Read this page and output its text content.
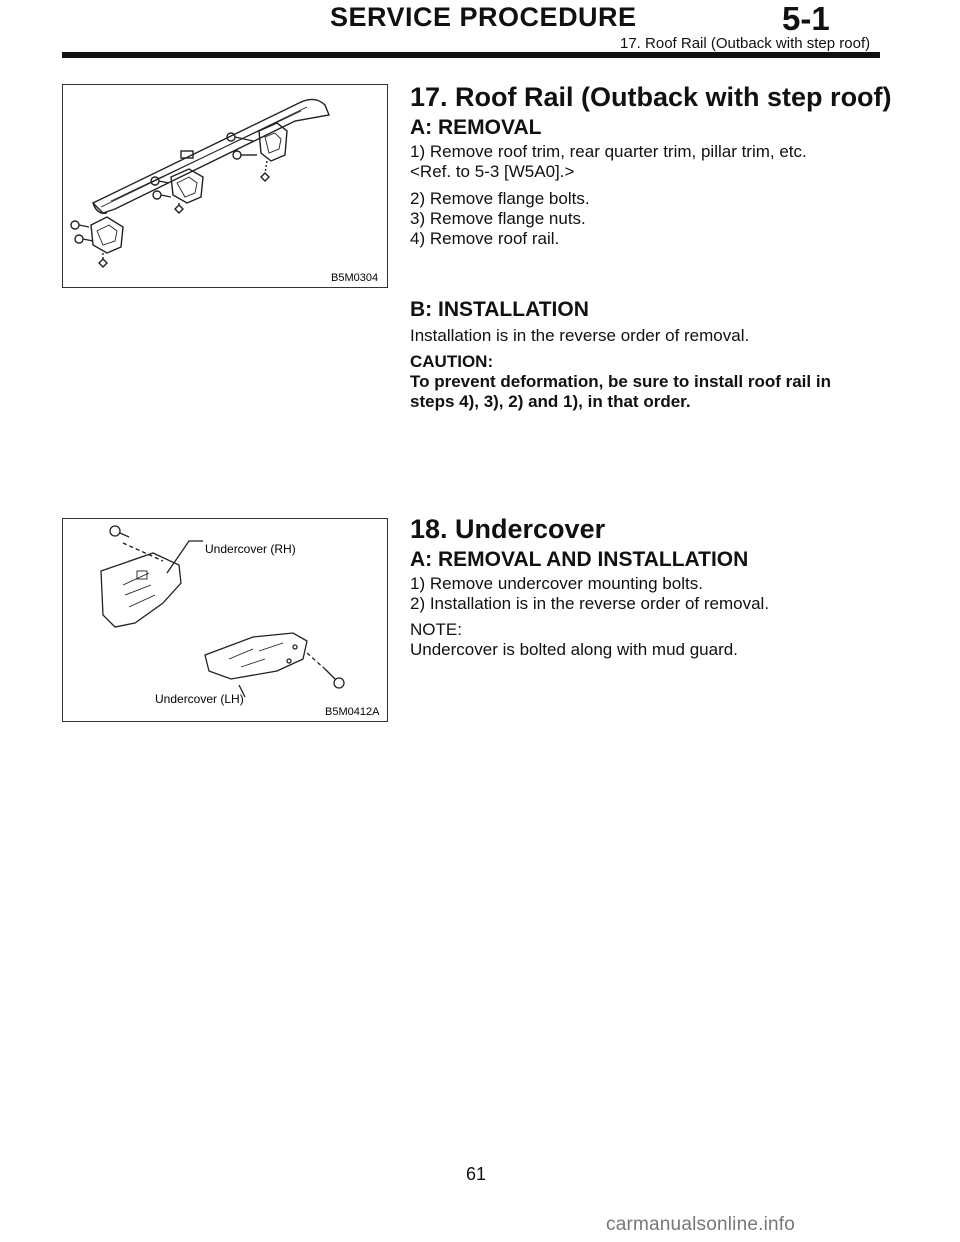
SERVICE PROCEDURE	5-1
17. Roof Rail (Outback with step roof)
B5M0304
17. Roof Rail (Outback with step roof)
A: REMOVAL
1) Remove roof trim, rear quarter trim, pillar trim, etc.
<Ref. to 5-3 [W5A0].>
2) Remove flange bolts.
3) Remove flange nuts.
4) Remove roof rail.
B: INSTALLATION
Installation is in the reverse order of removal.
CAUTION:
To prevent deformation, be sure to install roof rail in
steps 4), 3), 2) and 1), in that order.
Undercover (RH)
Undercover (LH)
B5M0412A
18. Undercover
A: REMOVAL AND INSTALLATION
1) Remove undercover mounting bolts.
2) Installation is in the reverse order of removal.
NOTE:
Undercover is bolted along with mud guard.
61
carmanualsonline.info
